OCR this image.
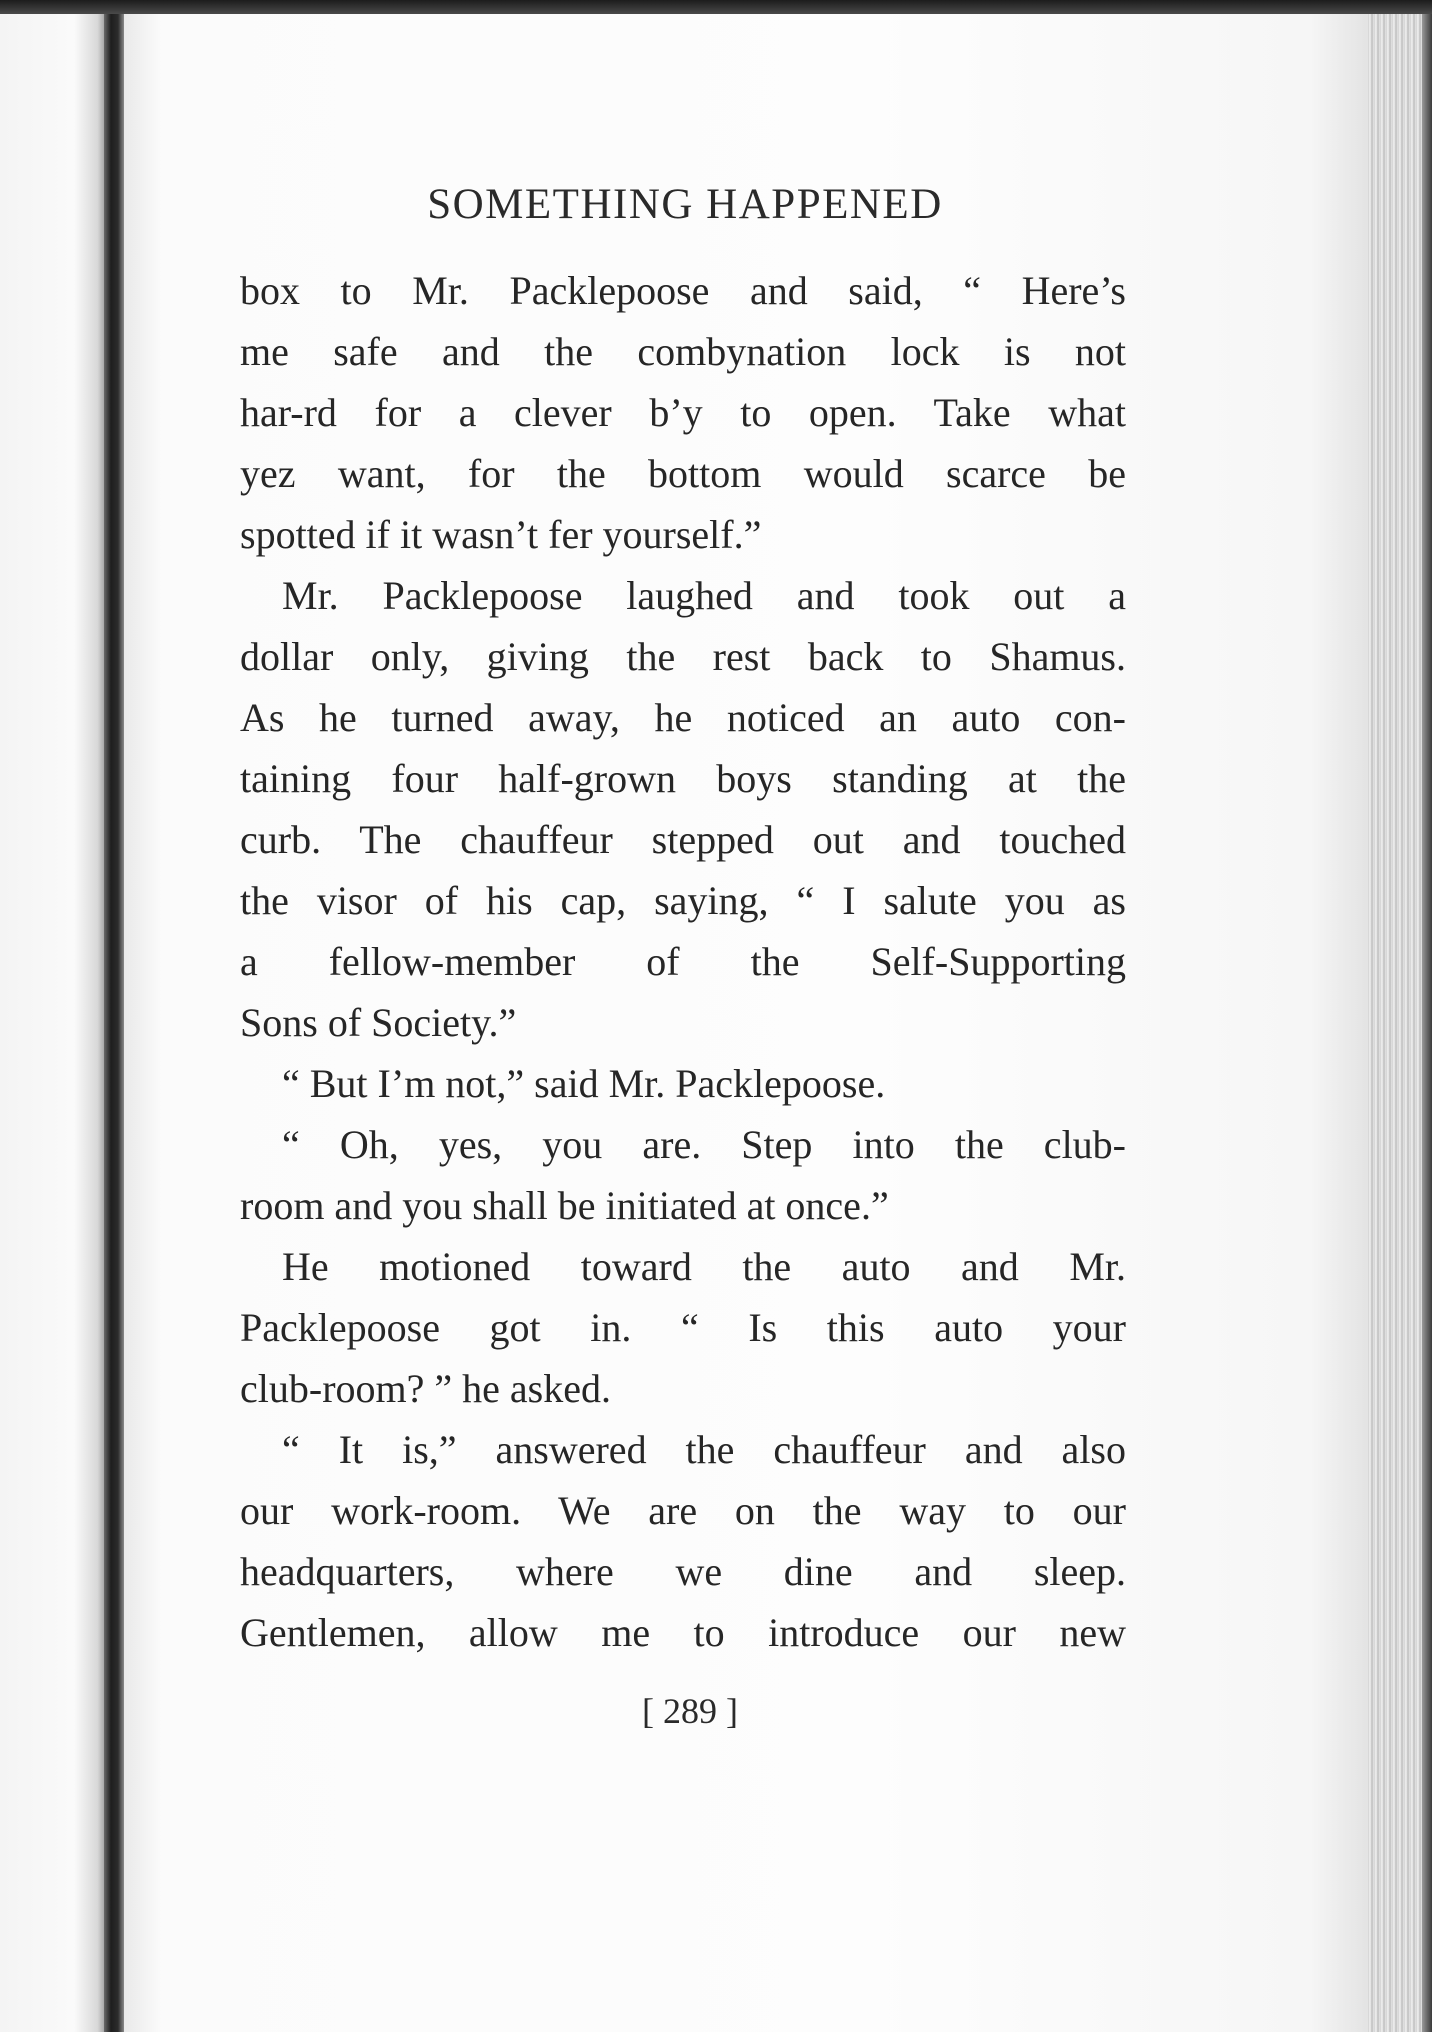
SOMETHING HAPPENED
box to Mr. Packlepoose and said, “ Here’s
me safe and the combynation lock is not
har-rd for a clever b’y to open. Take what
yez want, for the bottom would scarce be
spotted if it wasn’t fer yourself.”
Mr. Packlepoose laughed and took out a
dollar only, giving the rest back to Shamus.
As he turned away, he noticed an auto con-
taining four half-grown boys standing at the
curb. The chauffeur stepped out and touched
the visor of his cap, saying, “ I salute you as
a fellow-member of the Self-Supporting
Sons of Society.”
“ But I’m not,” said Mr. Packlepoose.
“ Oh, yes, you are. Step into the club-
room and you shall be initiated at once.”
He motioned toward the auto and Mr.
Packlepoose got in. “ Is this auto your
club-room? ” he asked.
“ It is,” answered the chauffeur and also
our work-room. We are on the way to our
headquarters, where we dine and sleep.
Gentlemen, allow me to introduce our new
[ 289 ]
